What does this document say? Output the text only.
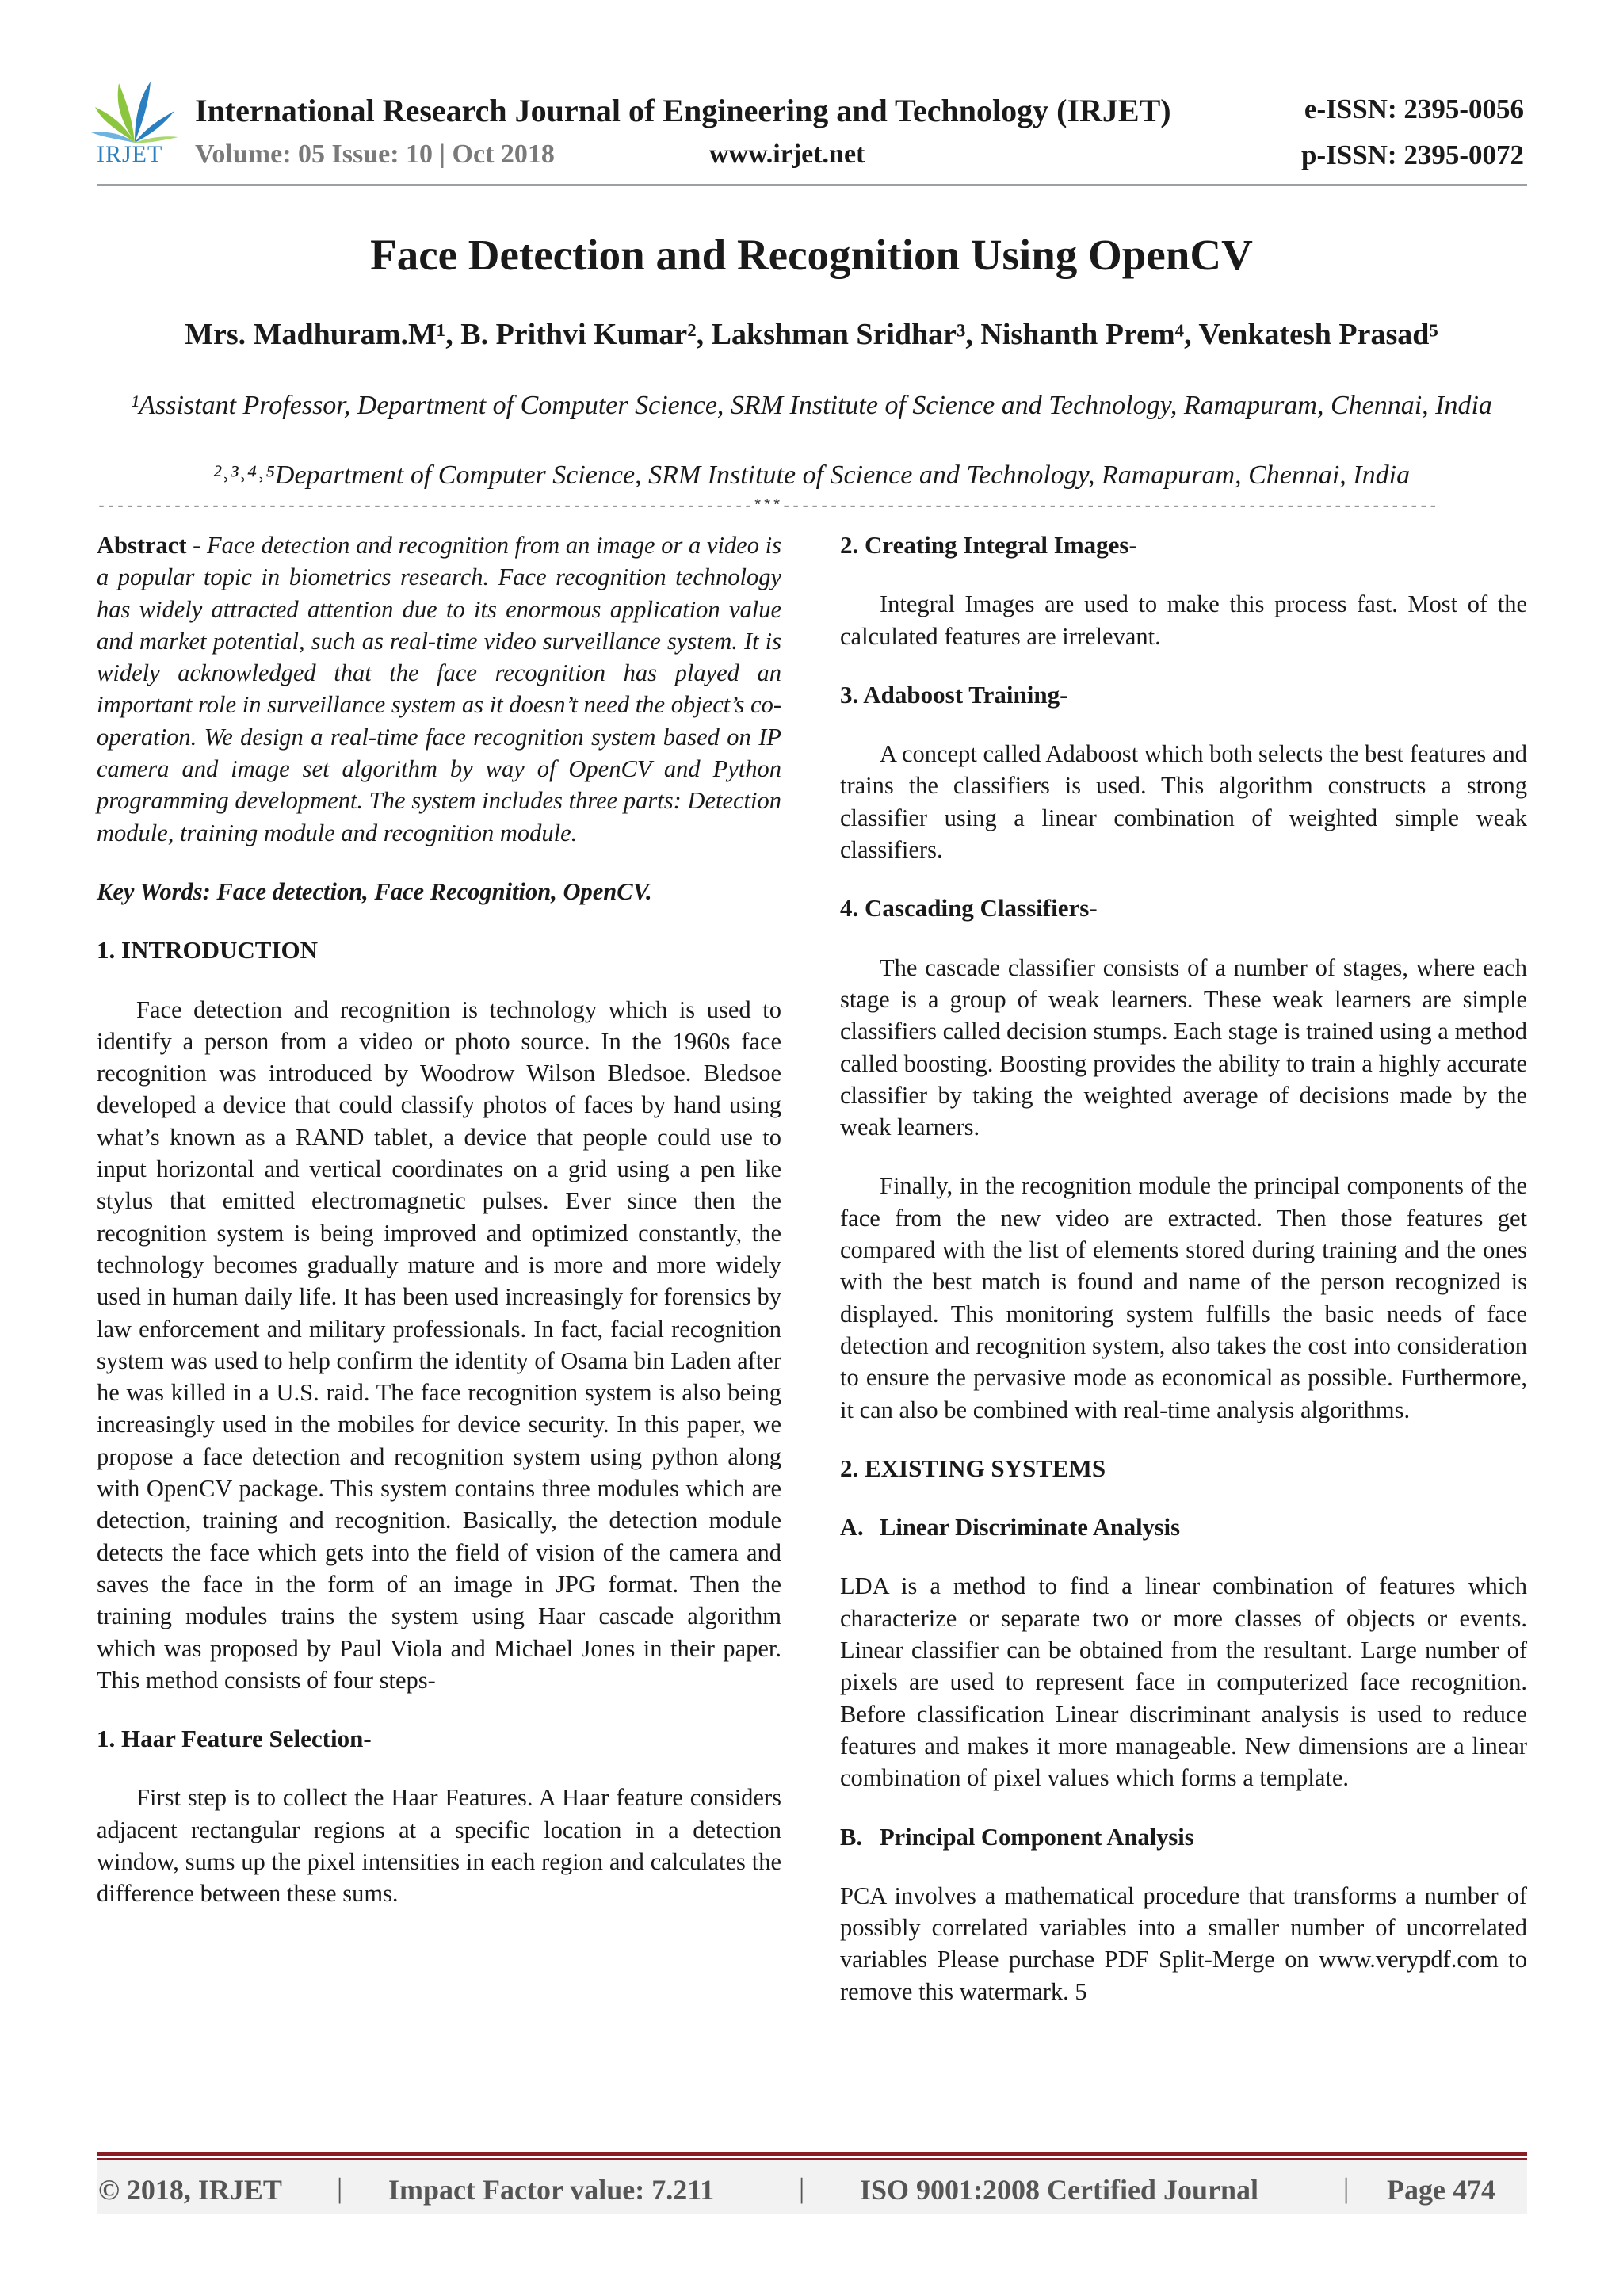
IRJET
International Research Journal of Engineering and Technology (IRJET)	e-ISSN: 2395-0056
Volume: 05 Issue: 10 | Oct 2018	www.irjet.net	p-ISSN: 2395-0072
Face Detection and Recognition Using OpenCV
Mrs. Madhuram.M¹, B. Prithvi Kumar², Lakshman Sridhar³, Nishanth Prem⁴, Venkatesh Prasad⁵
¹Assistant Professor, Department of Computer Science, SRM Institute of Science and Technology, Ramapuram, Chennai, India
²˒³˒⁴˒⁵Department of Computer Science, SRM Institute of Science and Technology, Ramapuram, Chennai, India
---------------------------------------------------------------------***---------------------------------------------------------------------

Abstract - Face detection and recognition from an image or a video is a popular topic in biometrics research. Face recognition technology has widely attracted attention due to its enormous application value and market potential, such as real-time video surveillance system. It is widely acknowledged that the face recognition has played an important role in surveillance system as it doesn’t need the object’s co-operation. We design a real-time face recognition system based on IP camera and image set algorithm by way of OpenCV and Python programming development. The system includes three parts: Detection module, training module and recognition module.

Key Words: Face detection, Face Recognition, OpenCV.

1. INTRODUCTION

Face detection and recognition is technology which is used to identify a person from a video or photo source. In the 1960s face recognition was introduced by Woodrow Wilson Bledsoe. Bledsoe developed a device that could classify photos of faces by hand using what’s known as a RAND tablet, a device that people could use to input horizontal and vertical coordinates on a grid using a pen like stylus that emitted electromagnetic pulses. Ever since then the recognition system is being improved and optimized constantly, the technology becomes gradually mature and is more and more widely used in human daily life. It has been used increasingly for forensics by law enforcement and military professionals. In fact, facial recognition system was used to help confirm the identity of Osama bin Laden after he was killed in a U.S. raid. The face recognition system is also being increasingly used in the mobiles for device security. In this paper, we propose a face detection and recognition system using python along with OpenCV package. This system contains three modules which are detection, training and recognition. Basically, the detection module detects the face which gets into the field of vision of the camera and saves the face in the form of an image in JPG format. Then the training modules trains the system using Haar cascade algorithm which was proposed by Paul Viola and Michael Jones in their paper. This method consists of four steps-

1. Haar Feature Selection-

First step is to collect the Haar Features. A Haar feature considers adjacent rectangular regions at a specific location in a detection window, sums up the pixel intensities in each region and calculates the difference between these sums.

2. Creating Integral Images-

Integral Images are used to make this process fast. Most of the calculated features are irrelevant.

3. Adaboost Training-

A concept called Adaboost which both selects the best features and trains the classifiers is used. This algorithm constructs a strong classifier using a linear combination of weighted simple weak classifiers.

4. Cascading Classifiers-

The cascade classifier consists of a number of stages, where each stage is a group of weak learners. These weak learners are simple classifiers called decision stumps. Each stage is trained using a method called boosting. Boosting provides the ability to train a highly accurate classifier by taking the weighted average of decisions made by the weak learners.

Finally, in the recognition module the principal components of the face from the new video are extracted. Then those features get compared with the list of elements stored during training and the ones with the best match is found and name of the person recognized is displayed. This monitoring system fulfills the basic needs of face detection and recognition system, also takes the cost into consideration to ensure the pervasive mode as economical as possible. Furthermore, it can also be combined with real-time analysis algorithms.

2. EXISTING SYSTEMS

A. Linear Discriminate Analysis

LDA is a method to find a linear combination of features which characterize or separate two or more classes of objects or events. Linear classifier can be obtained from the resultant. Large number of pixels are used to represent face in computerized face recognition. Before classification Linear discriminant analysis is used to reduce features and makes it more manageable. New dimensions are a linear combination of pixel values which forms a template.

B. Principal Component Analysis

PCA involves a mathematical procedure that transforms a number of possibly correlated variables into a smaller number of uncorrelated variables Please purchase PDF Split-Merge on www.verypdf.com to remove this watermark. 5

© 2018, IRJET | Impact Factor value: 7.211	| ISO 9001:2008 Certified Journal	| Page 474
